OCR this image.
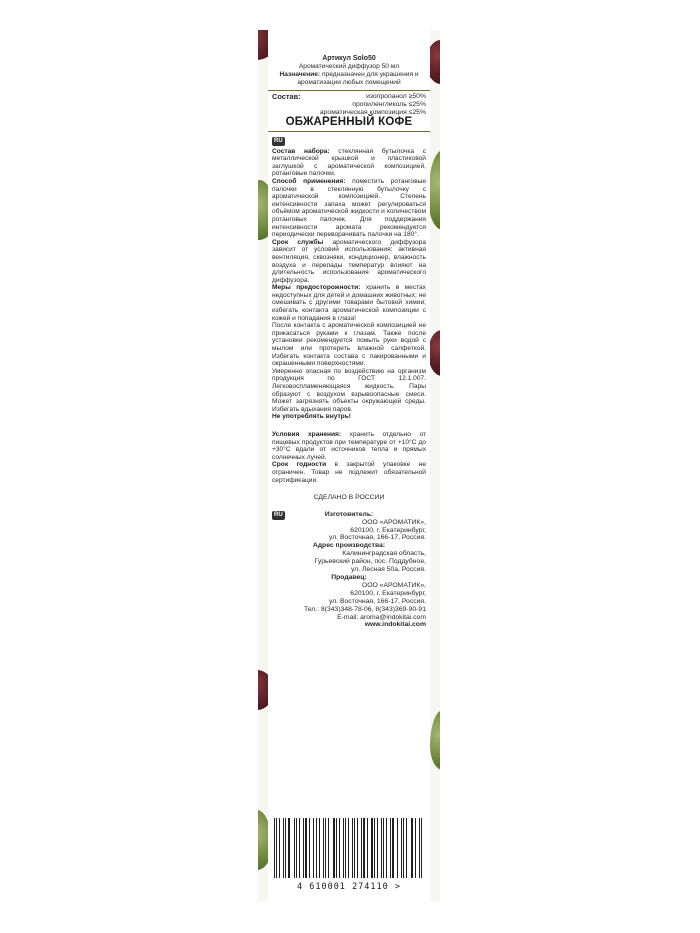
Артикул Solo50
Ароматический диффузор 50 мл
Назначение: предназначен для украшения и ароматизации любых помещений
Состав:	изопропанол ≥50%
пропиленгликоль ≤25%
ароматическая композиция ≤25%
ОБЖАРЕННЫЙ КОФЕ
RU

Состав набора: стеклянная бутылочка с металлической крышкой и пластиковой заглушкой с ароматической композицией, ротанговые палочки.

Способ применения: поместить ротанговые палочки в стеклянную бутылочку с ароматической композицией. Степень интенсивности запаха может регулироваться объёмом ароматической жидкости и количеством ротанговых палочек. Для поддержания интенсивности аромата рекомендуется периодически переворачивать палочки на 180°.

Срок службы ароматического диффузора зависит от условий использования: активная вентиляция, сквозняки, кондиционер, влажность воздуха и перепады температур влияют на длительность использования ароматического диффузора.

Меры предосторожности: хранить в местах недоступных для детей и домашних животных; не смешивать с другими товарами бытовой химии; избегать контакта ароматической композиции с кожей и попадания в глаза!

После контакта с ароматической композицией не прикасаться руками к глазам. Также после установки рекомендуется помыть руки водой с мылом или протереть влажной салфеткой. Избегать контакта состава с лакированными и окрашенными поверхностями.

Умеренно опасная по воздействию на организм продукция по ГОСТ 12.1.007. Легковоспламеняющаяся жидкость. Пары образуют с воздухом взрывоопасные смеси. Может загрязнять объекты окружающей среды. Избегать вдыхания паров.

Не употреблять внутрь!

Условия хранения: хранить отдельно от пищевых продуктов при температуре от +10°С до +30°С вдали от источников тепла и прямых солнечных лучей.

Срок годности в закрытой упаковке не ограничен. Товар не подлежит обязательной сертификации.

СДЕЛАНО В РОССИИ
RU	Изготовитель:
ООО «АРОМАТИК»,
620100, г. Екатеринбург,
ул. Восточная, 166-17, Россия.
Адрес производства:
Калининградская область,
Гурьевский район, пос. Поддубное,
ул. Лесная 50а, Россия.
Продавец:
ООО «АРОМАТИК»,
620100, г. Екатеринбург,
ул. Восточная, 166-17, Россия.
Тел.: 8(343)348-78-06, 8(343)369-90-91
E-mail: aroma@indokitai.com
www.indokitai.com
4 610001 274110 >
